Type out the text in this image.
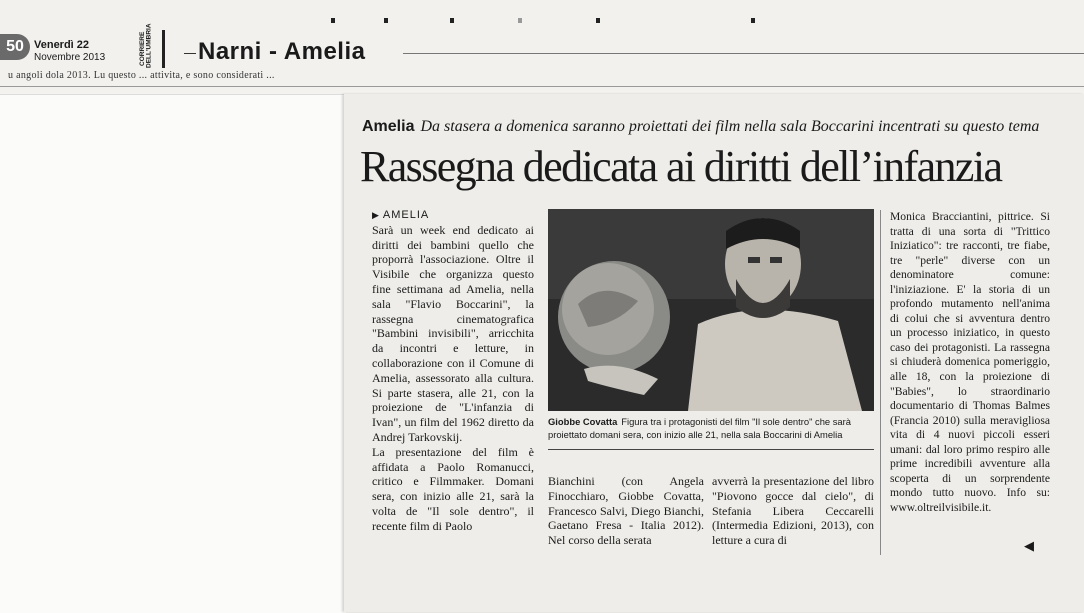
50 Venerdì 22
Novembre 2013	CORRIERE DELL'UMBRIA Narni - Amelia
u angoli dola 2013. Lu questo ... attivita, e sono considerati ...
Amelia Da stasera a domenica saranno proiettati dei film nella sala Boccarini incentrati su questo tema
Rassegna dedicata ai diritti dell’infanzia
▶ AMELIA

Sarà un week end dedicato ai diritti dei bambini quello che proporrà l'associazione. Oltre il Visibile che organizza questo fine settimana ad Amelia, nella sala "Flavio Boccarini", la rassegna cinematografica "Bambini invisibili", arricchita da incontri e letture, in collaborazione con il Comune di Amelia, assessorato alla cultura. Si parte stasera, alle 21, con la proiezione de "L'infanzia di Ivan", un film del 1962 diretto da Andrej Tarkovskij.

La presentazione del film è affidata a Paolo Romanucci, critico e Filmmaker. Domani sera, con inizio alle 21, sarà la volta de "Il sole dentro", il recente film di Paolo

Giobbe Covatta Figura tra i protagonisti del film "Il sole dentro" che sarà proiettato domani sera, con inizio alle 21, nella sala Boccarini di Amelia

Bianchini (con Angela Finocchiaro, Giobbe Covatta, Francesco Salvi, Diego Bianchi, Gaetano Fresa - Italia 2012). Nel corso della serata

avverrà la presentazione del libro "Piovono gocce dal cielo", di Stefania Libera Ceccarelli (Intermedia Edizioni, 2013), con letture a cura di

Monica Bracciantini, pittrice. Si tratta di una sorta di "Trittico Iniziatico": tre racconti, tre fiabe, tre "perle" diverse con un denominatore comune: l'iniziazione. E' la storia di un profondo mutamento nell'anima di colui che si avventura dentro un processo iniziatico, in questo caso dei protagonisti. La rassegna si chiuderà domenica pomeriggio, alle 18, con la proiezione di "Babies", lo straordinario documentario di Thomas Balmes (Francia 2010) sulla meravigliosa vita di 4 nuovi piccoli esseri umani: dal loro primo respiro alle prime incredibili avventure alla scoperta di un sorprendente mondo tutto nuovo. Info su: www.oltreilvisibile.it.

◀
